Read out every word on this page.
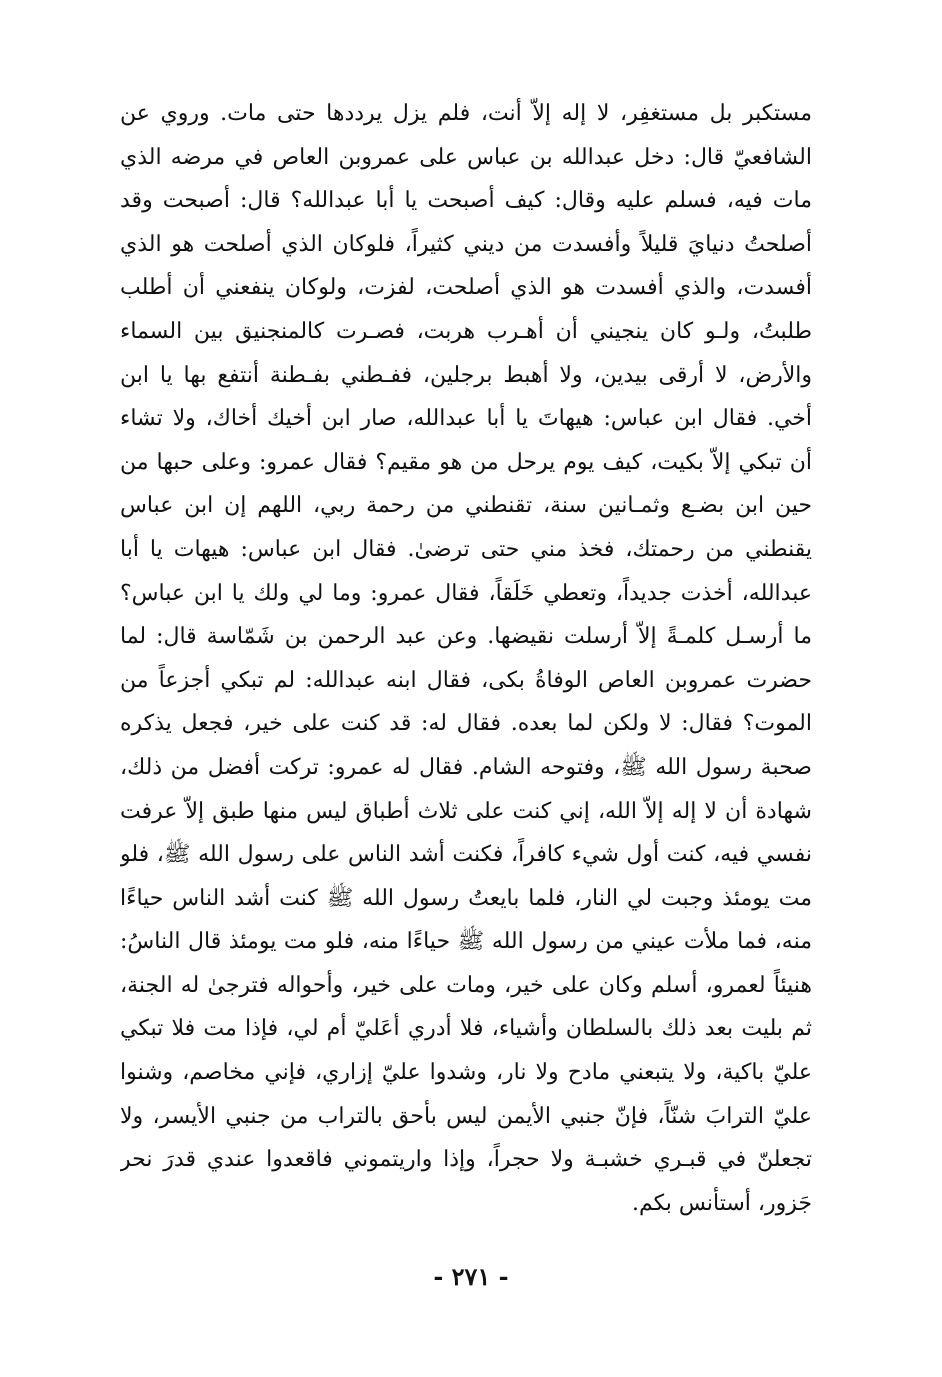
مستكبر بل مستغفِر، لا إله إلاّ أنت، فلم يزل يرددها حتى مات. وروي عن
الشافعيّ قال: دخل عبدالله بن عباس على عمروبن العاص في مرضه الذي
مات فيه، فسلم عليه وقال: كيف أصبحت يا أبا عبدالله؟ قال: أصبحت وقد
أصلحتُ دنيايَ قليلاً وأفسدت من ديني كثيراً، فلوكان الذي أصلحت هو الذي
أفسدت، والذي أفسدت هو الذي أصلحت، لفزت، ولوكان ينفعني أن أطلب
طلبتُ، ولـو كان ينجيني أن أهـرب هربت، فصـرت كالمنجنيق بين السماء
والأرض، لا أرقى بيدين، ولا أهبط برجلين، ففـطني بفـطنة أنتفع بها يا ابن
أخي. فقال ابن عباس: هيهاتَ يا أبا عبدالله، صار ابن أخيك أخاك، ولا تشاء
أن تبكي إلاّ بكيت، كيف يوم يرحل من هو مقيم؟ فقال عمرو: وعلى حبها من
حين ابن بضـع وثمـانين سنة، تقنطني من رحمة ربي، اللهم إن ابن عباس
يقنطني من رحمتك، فخذ مني حتى ترضىٰ. فقال ابن عباس: هيهات يا أبا
عبدالله، أخذت جديداً، وتعطي خَلَقاً، فقال عمرو: وما لي ولك يا ابن عباس؟
ما أرسـل كلمـةً إلاّ أرسلت نقيضها. وعن عبد الرحمن بن شَمّاسة قال: لما
حضرت عمروبن العاص الوفاةُ بكى، فقال ابنه عبدالله: لم تبكي أجزعاً من
الموت؟ فقال: لا ولكن لما بعده. فقال له: قد كنت على خير، فجعل يذكره
صحبة رسول الله ﷺ، وفتوحه الشام. فقال له عمرو: تركت أفضل من ذلك،
شهادة أن لا إله إلاّ الله، إني كنت على ثلاث أطباق ليس منها طبق إلاّ عرفت
نفسي فيه، كنت أول شيء كافراً، فكنت أشد الناس على رسول الله ﷺ، فلو
مت يومئذ وجبت لي النار، فلما بايعتُ رسول الله ﷺ كنت أشد الناس حياءًا
منه، فما ملأت عيني من رسول الله ﷺ حياءًا منه، فلو مت يومئذ قال الناسُ:
هنيئاً لعمرو، أسلم وكان على خير، ومات على خير، وأحواله فترجىٰ له الجنة،
ثم بليت بعد ذلك بالسلطان وأشياء، فلا أدري أعَليّ أم لي، فإذا مت فلا تبكي
عليّ باكية، ولا يتبعني مادح ولا نار، وشدوا عليّ إزاري، فإني مخاصم، وشنوا
عليّ الترابَ شنّاً، فإنّ جنبي الأيمن ليس بأحق بالتراب من جنبي الأيسر، ولا
تجعلنّ في قبـري خشبـة ولا حجراً، وإذا واريتموني فاقعدوا عندي قدرَ نحر
جَزور، أستأنس بكم.
- ٢٧١ -
